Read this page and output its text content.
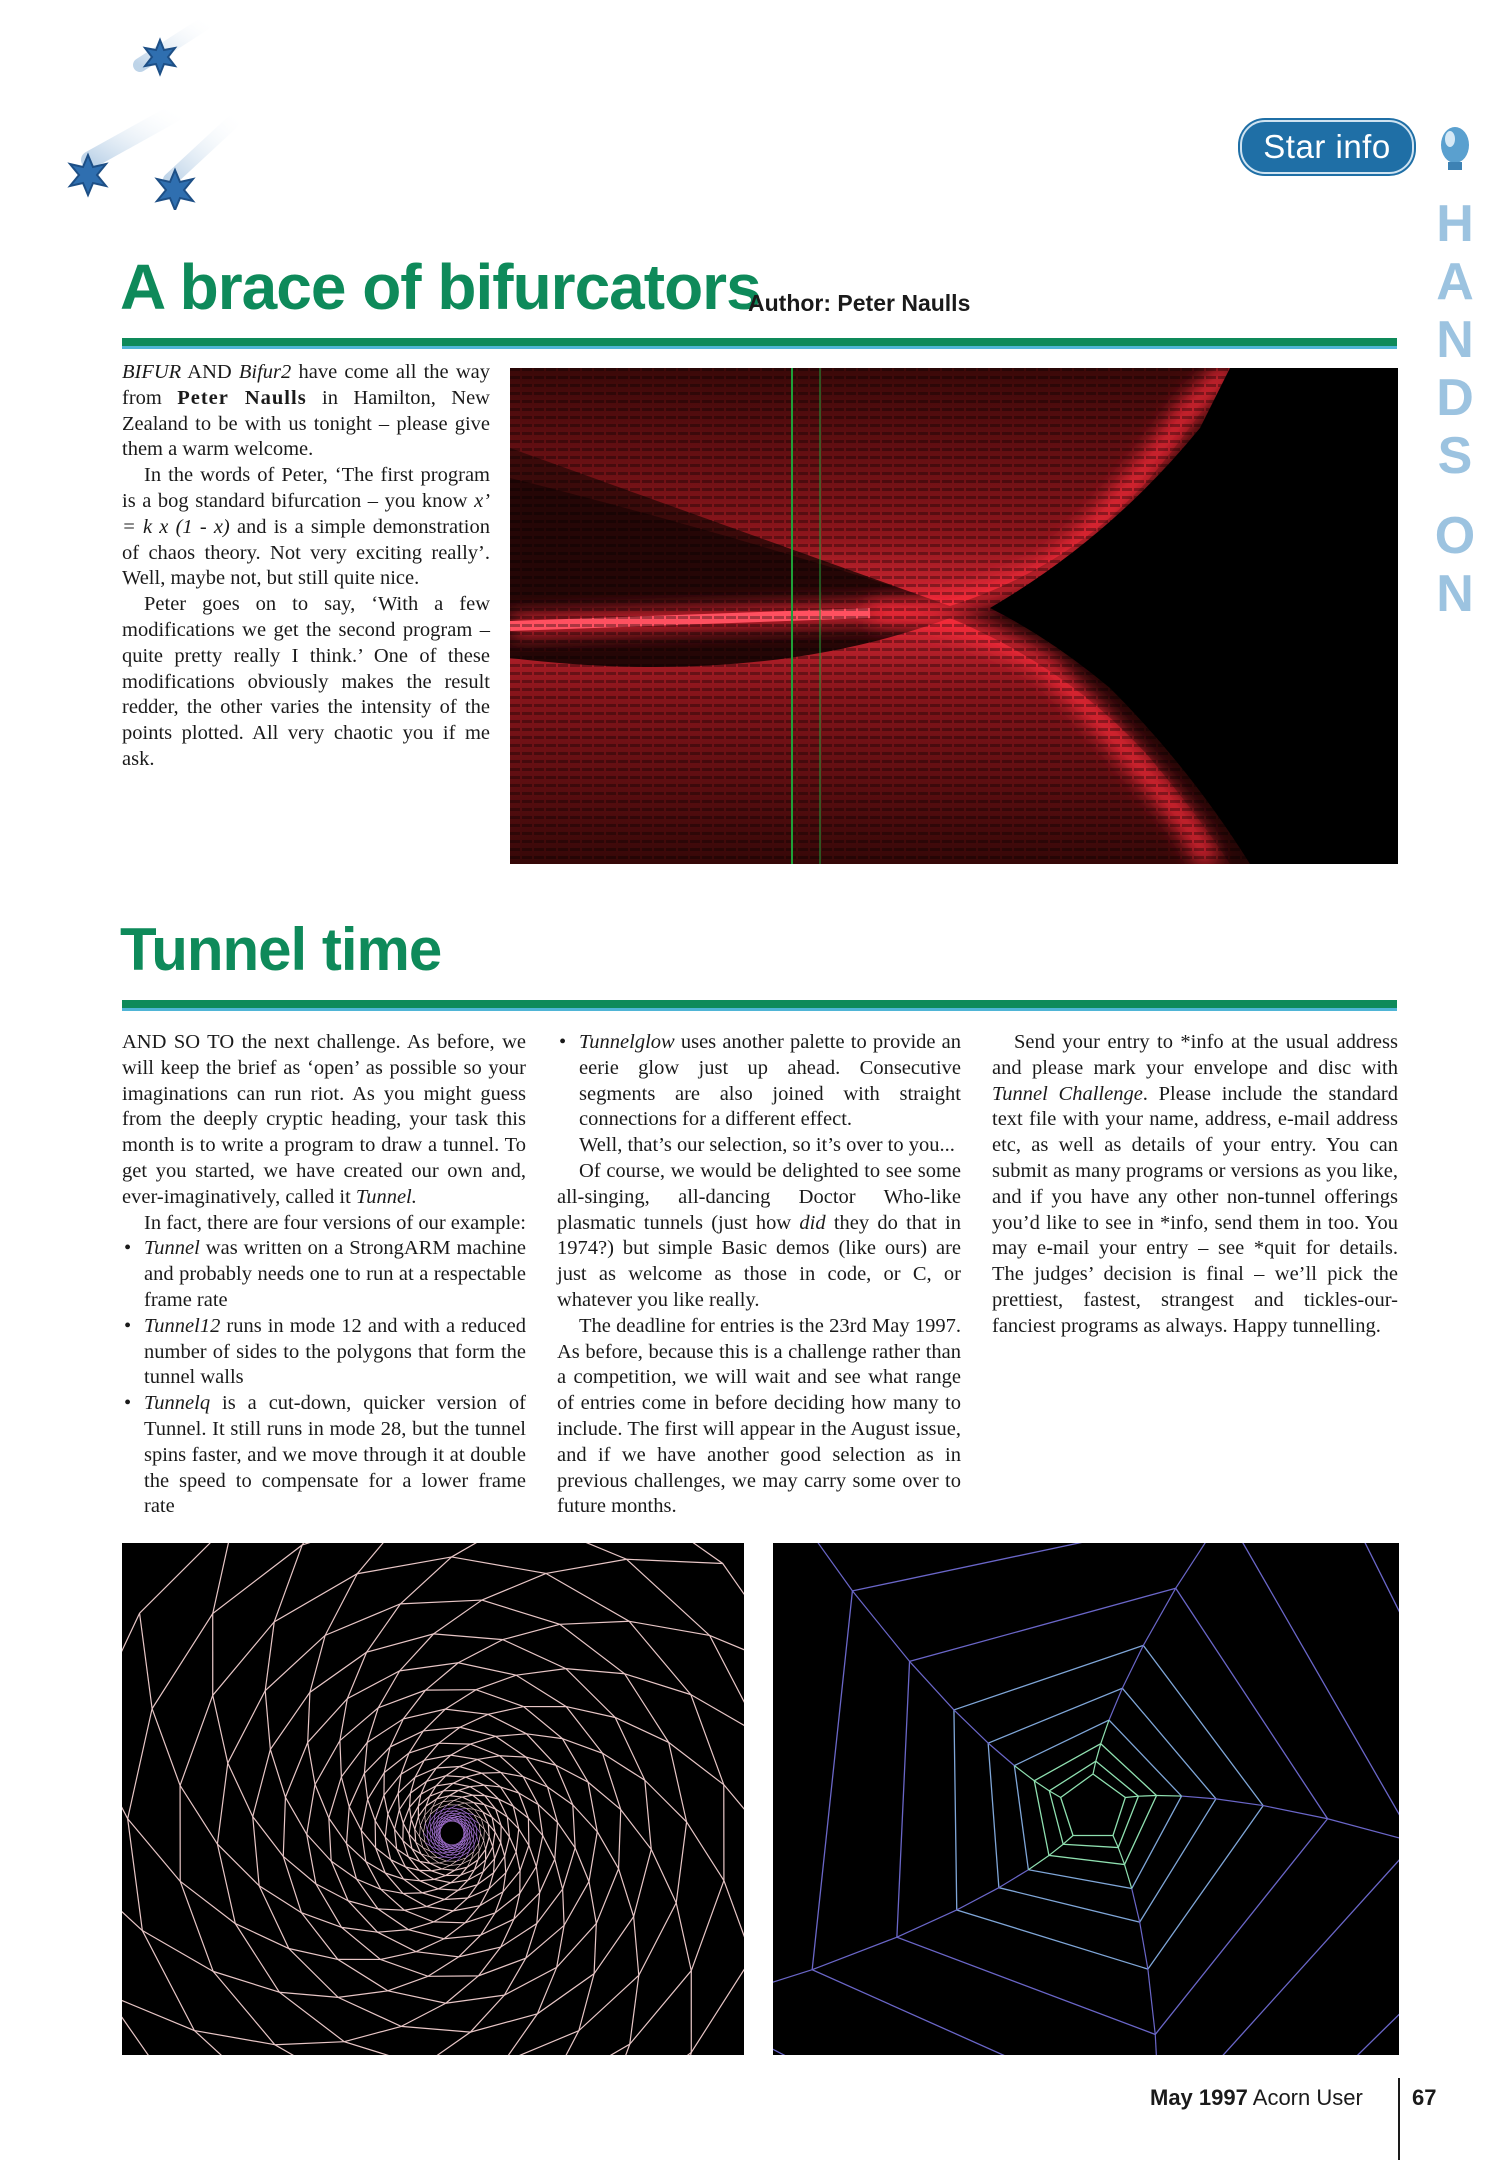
Star info
H
A
N
D
S
O
N
A brace of bifurcators
Author: Peter Naulls

BIFUR AND Bifur2 have come all the way from Peter Naulls in Hamilton, New Zealand to be with us tonight – please give them a warm welcome.

In the words of Peter, ‘The first program is a bog standard bifurcation – you know x’ = k x (1 - x) and is a simple demonstration of chaos theory. Not very exciting really’. Well, maybe not, but still quite nice.

Peter goes on to say, ‘With a few modifications we get the second program – quite pretty really I think.’ One of these modifications obviously makes the result redder, the other varies the intensity of the points plotted. All very chaotic you if me ask.

Tunnel time

AND SO TO the next challenge. As before, we will keep the brief as ‘open’ as possible so your imaginations can run riot. As you might guess from the deeply cryptic heading, your task this month is to write a program to draw a tunnel. To get you started, we have created our own and, ever-imaginatively, called it Tunnel.

In fact, there are four versions of our example:

• Tunnel was written on a StrongARM machine and probably needs one to run at a respectable frame rate
• Tunnel12 runs in mode 12 and with a reduced number of sides to the polygons that form the tunnel walls
• Tunnelq is a cut-down, quicker version of Tunnel. It still runs in mode 28, but the tunnel spins faster, and we move through it at double the speed to compensate for a lower frame rate
• Tunnelglow uses another palette to provide an eerie glow just up ahead. Consecutive segments are also joined with straight connections for a different effect.

Well, that’s our selection, so it’s over to you...

Of course, we would be delighted to see some all-singing, all-dancing Doctor Who-like plasmatic tunnels (just how did they do that in 1974?) but simple Basic demos (like ours) are just as welcome as those in code, or C, or whatever you like really.

The deadline for entries is the 23rd May 1997. As before, because this is a challenge rather than a competition, we will wait and see what range of entries come in before deciding how many to include. The first will appear in the August issue, and if we have another good selection as in previous challenges, we may carry some over to future months.

Send your entry to *info at the usual address and please mark your envelope and disc with Tunnel Challenge. Please include the standard text file with your name, address, e-mail address etc, as well as details of your entry. You can submit as many programs or versions as you like, and if you have any other non-tunnel offerings you’d like to see in *info, send them in too. You may e-mail your entry – see *quit for details. The judges’ decision is final – we’ll pick the prettiest, fastest, strangest and tickles-our-fanciest programs as always. Happy tunnelling.

May 1997 Acorn User 67
